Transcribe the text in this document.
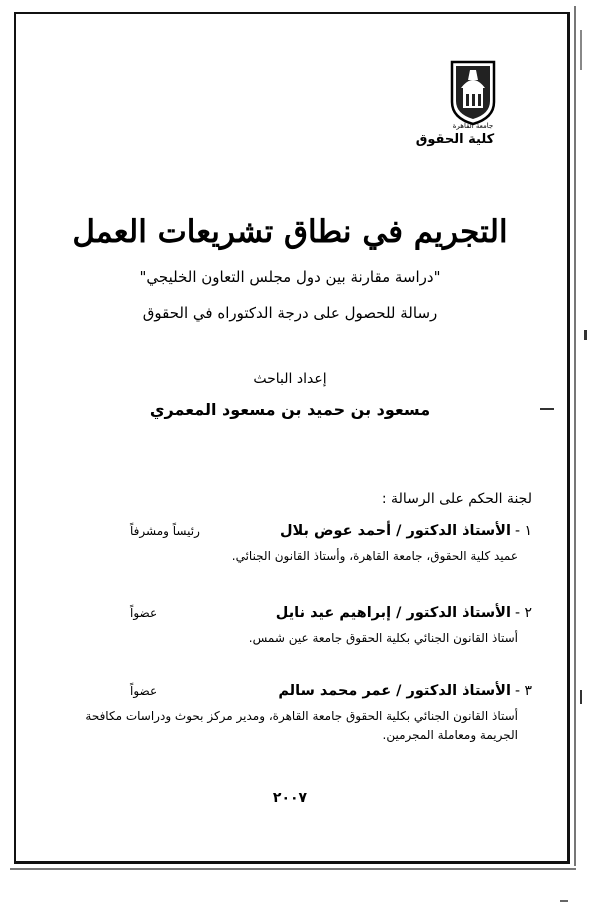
جامعة القاهرة
كلية الحقوق
التجريم في نطاق تشريعات العمل
"دراسة مقارنة بين دول مجلس التعاون الخليجي"
رسالة للحصول على درجة الدكتوراه في الحقوق
إعداد الباحث
مسعود بن حميد بن مسعود المعمري
لجنة الحكم على الرسالة :
١ -
الأستاذ الدكتور / أحمد عوض بلال
رئيساً ومشرفاً
عميد كلية الحقوق، جامعة القاهرة، وأستاذ القانون الجنائي.
٢ -
الأستاذ الدكتور / إبراهيم عيد نايل
عضواً
أستاذ القانون الجنائي بكلية الحقوق جامعة عين شمس.
٣ -
الأستاذ الدكتور / عمر محمد سالم
عضواً
أستاذ القانون الجنائي بكلية الحقوق جامعة القاهرة، ومدير مركز بحوث ودراسات مكافحة الجريمة ومعاملة المجرمين.
٢٠٠٧
